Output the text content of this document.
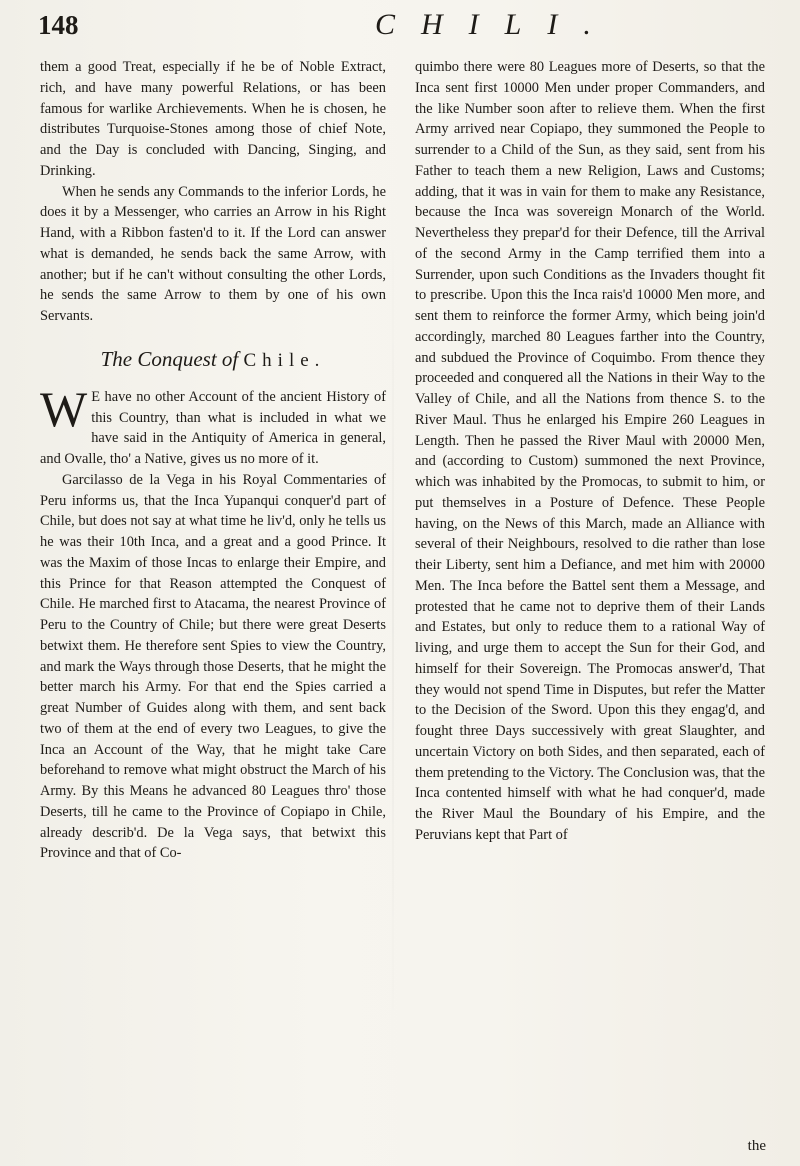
148	CHILI.

them a good Treat, especially if he be of Noble Extract, rich, and have many powerful Relations, or has been famous for warlike Archievements. When he is chosen, he distributes Turquoise-Stones among those of chief Note, and the Day is concluded with Dancing, Singing, and Drinking.

When he sends any Commands to the inferior Lords, he does it by a Messenger, who carries an Arrow in his Right Hand, with a Ribbon fasten'd to it. If the Lord can answer what is demanded, he sends back the same Arrow, with another; but if he can't without consulting the other Lords, he sends the same Arrow to them by one of his own Servants.

The Conquest of Chile.

W E have no other Account of the ancient History of this Country, than what is included in what we have said in the Antiquity of America in general, and Ovalle, tho' a Native, gives us no more of it.

Garcilasso de la Vega in his Royal Commentaries of Peru informs us, that the Inca Yupanqui conquer'd part of Chile, but does not say at what time he liv'd, only he tells us he was their 10th Inca, and a great and a good Prince. It was the Maxim of those Incas to enlarge their Empire, and this Prince for that Reason attempted the Conquest of Chile. He marched first to Atacama, the nearest Province of Peru to the Country of Chile; but there were great Deserts betwixt them. He therefore sent Spies to view the Country, and mark the Ways through those Deserts, that he might the better march his Army. For that end the Spies carried a great Number of Guides along with them, and sent back two of them at the end of every two Leagues, to give the Inca an Account of the Way, that he might take Care beforehand to remove what might obstruct the March of his Army. By this Means he advanced 80 Leagues thro' those Deserts, till he came to the Province of Copiapo in Chile, already describ'd. De la Vega says, that betwixt this Province and that of Co-

quimbo there were 80 Leagues more of Deserts, so that the Inca sent first 10000 Men under proper Commanders, and the like Number soon after to relieve them. When the first Army arrived near Copiapo, they summoned the People to surrender to a Child of the Sun, as they said, sent from his Father to teach them a new Religion, Laws and Customs; adding, that it was in vain for them to make any Resistance, because the Inca was sovereign Monarch of the World. Nevertheless they prepar'd for their Defence, till the Arrival of the second Army in the Camp terrified them into a Surrender, upon such Conditions as the Invaders thought fit to prescribe. Upon this the Inca rais'd 10000 Men more, and sent them to reinforce the former Army, which being join'd accordingly, marched 80 Leagues farther into the Country, and subdued the Province of Coquimbo. From thence they proceeded and conquered all the Nations in their Way to the Valley of Chile, and all the Nations from thence S. to the River Maul. Thus he enlarged his Empire 260 Leagues in Length. Then he passed the River Maul with 20000 Men, and (according to Custom) summoned the next Province, which was inhabited by the Promocas, to submit to him, or put themselves in a Posture of Defence. These People having, on the News of this March, made an Alliance with several of their Neighbours, resolved to die rather than lose their Liberty, sent him a Defiance, and met him with 20000 Men. The Inca before the Battel sent them a Message, and protested that he came not to deprive them of their Lands and Estates, but only to reduce them to a rational Way of living, and urge them to accept the Sun for their God, and himself for their Sovereign. The Promocas answer'd, That they would not spend Time in Disputes, but refer the Matter to the Decision of the Sword. Upon this they engag'd, and fought three Days successively with great Slaughter, and uncertain Victory on both Sides, and then separated, each of them pretending to the Victory. The Conclusion was, that the Inca contented himself with what he had conquer'd, made the River Maul the Boundary of his Empire, and the Peruvians kept that Part of

the
